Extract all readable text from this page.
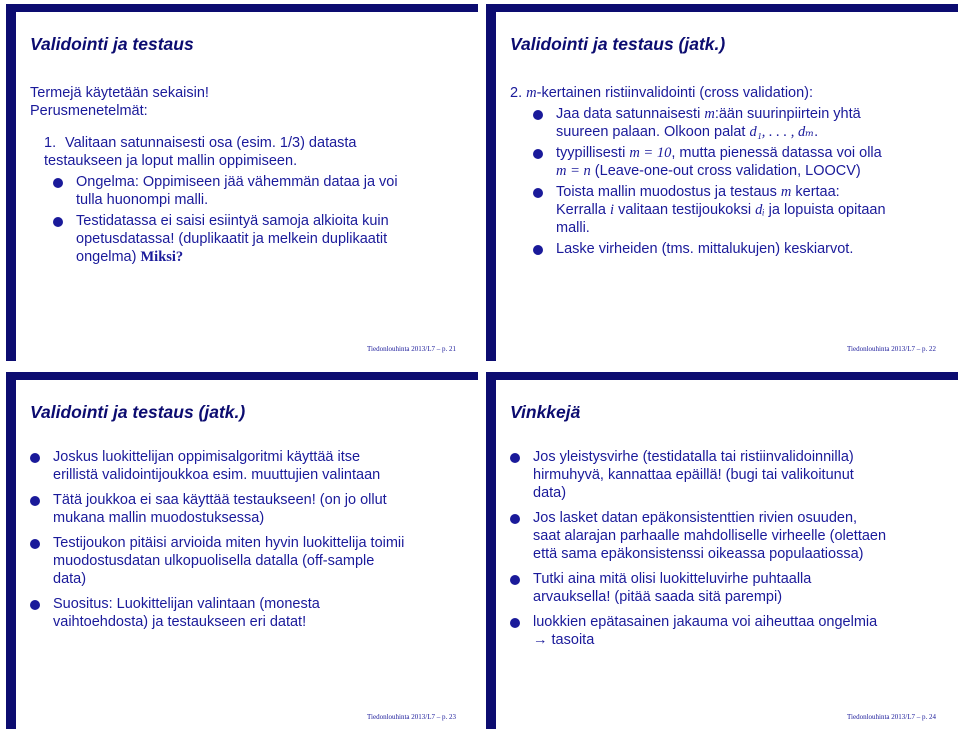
Validointi ja testaus
Termejä käytetään sekaisin!
Perusmenetelmät:
1. Valitaan satunnaisesti osa (esim. 1/3) datasta
testaukseen ja loput mallin oppimiseen.
Ongelma: Oppimiseen jää vähemmän dataa ja voi
tulla huonompi malli.
Testidatassa ei saisi esiintyä samoja alkioita kuin
opetusdatassa! (duplikaatit ja melkein duplikaatit
ongelma) Miksi?
Tiedonlouhinta 2013/L7 – p. 21
Validointi ja testaus (jatk.)
2. m-kertainen ristiinvalidointi (cross validation):
Jaa data satunnaisesti m:ään suurinpiirtein yhtä
suureen palaan. Olkoon palat d₁, . . . , dₘ.
tyypillisesti m = 10, mutta pienessä datassa voi olla
m = n (Leave-one-out cross validation, LOOCV)
Toista mallin muodostus ja testaus m kertaa:
Kerralla i valitaan testijoukoksi dᵢ ja lopuista opitaan
malli.
Laske virheiden (tms. mittalukujen) keskiarvot.
Tiedonlouhinta 2013/L7 – p. 22
Validointi ja testaus (jatk.)
Joskus luokittelijan oppimisalgoritmi käyttää itse
erillistä validointijoukkoa esim. muuttujien valintaan
Tätä joukkoa ei saa käyttää testaukseen! (on jo ollut
mukana mallin muodostuksessa)
Testijoukon pitäisi arvioida miten hyvin luokittelija toimii
muodostusdatan ulkopuolisella datalla (off-sample
data)
Suositus: Luokittelijan valintaan (monesta
vaihtoehdosta) ja testaukseen eri datat!
Tiedonlouhinta 2013/L7 – p. 23
Vinkkejä
Jos yleistysvirhe (testidatalla tai ristiinvalidoinnilla)
hirmuhyvä, kannattaa epäillä! (bugi tai valikoitunut
data)
Jos lasket datan epäkonsistenttien rivien osuuden,
saat alarajan parhaalle mahdolliselle virheelle (olettaen
että sama epäkonsistenssi oikeassa populaatiossa)
Tutki aina mitä olisi luokitteluvirhe puhtaalla
arvauksella! (pitää saada sitä parempi)
luokkien epätasainen jakauma voi aiheuttaa ongelmia
→ tasoita
Tiedonlouhinta 2013/L7 – p. 24
